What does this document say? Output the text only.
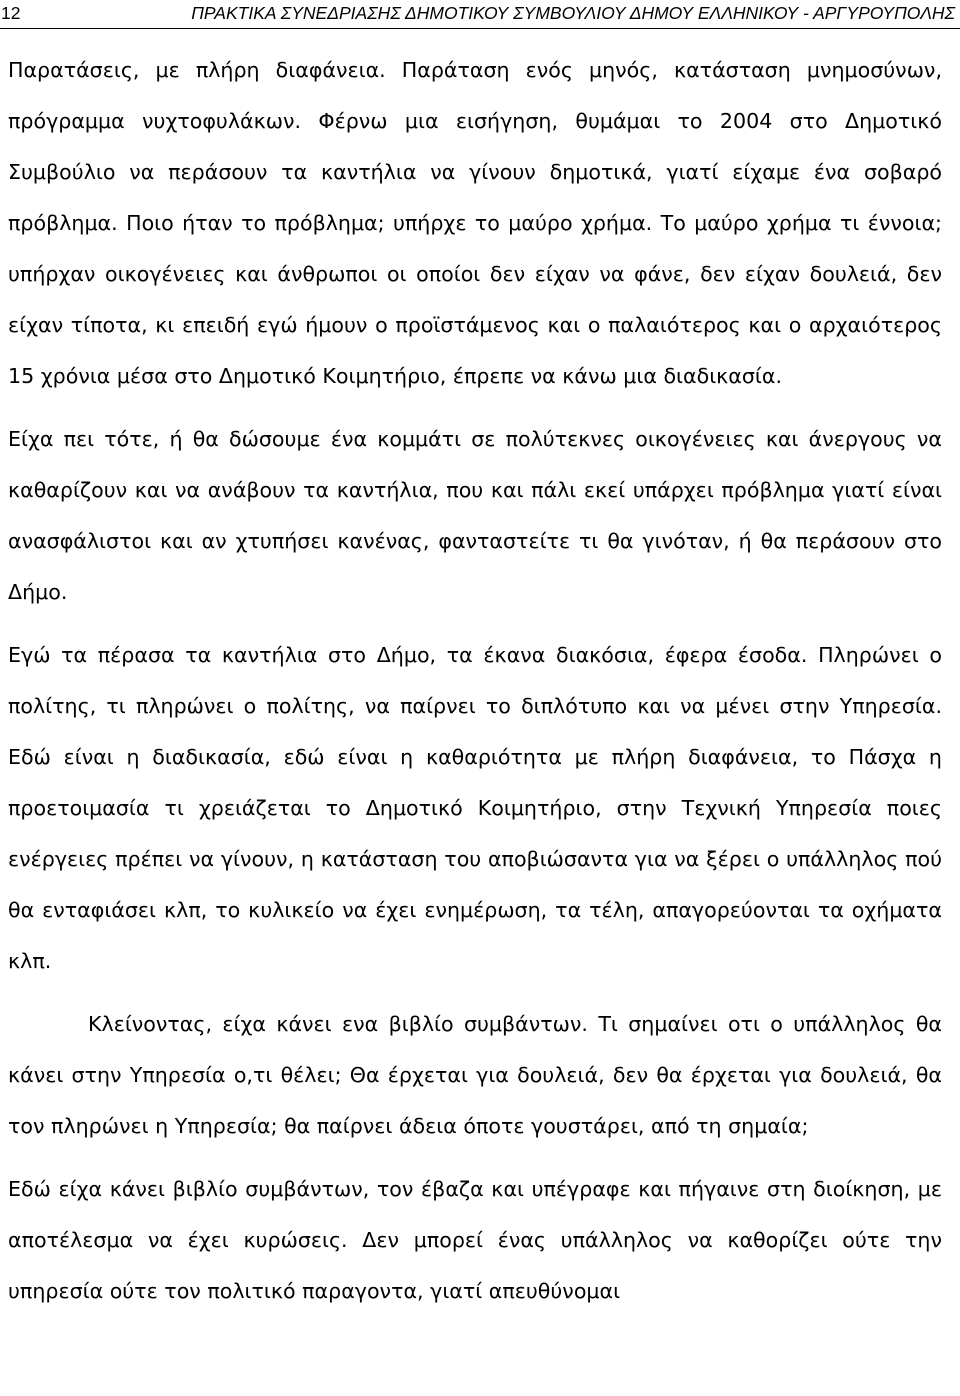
12	ΠΡΑΚΤΙΚΑ ΣΥΝΕΔΡΙΑΣΗΣ ΔΗΜΟΤΙΚΟΥ ΣΥΜΒΟΥΛΙΟΥ ΔΗΜΟΥ ΕΛΛΗΝΙΚΟΥ - ΑΡΓΥΡΟΥΠΟΛΗΣ

Παρατάσεις, με πλήρη διαφάνεια. Παράταση ενός μηνός, κατάσταση μνημοσύνων, πρόγραμμα νυχτοφυλάκων. Φέρνω μια εισήγηση, θυμάμαι το 2004 στο Δημοτικό Συμβούλιο να περάσουν τα καντήλια να γίνουν δημοτικά, γιατί είχαμε ένα σοβαρό πρόβλημα. Ποιο ήταν το πρόβλημα; υπήρχε το μαύρο χρήμα. Το μαύρο χρήμα τι έννοια; υπήρχαν οικογένειες και άνθρωποι οι οποίοι δεν είχαν να φάνε, δεν είχαν δουλειά, δεν είχαν τίποτα, κι επειδή εγώ ήμουν ο προϊστάμενος και ο παλαιότερος και ο αρχαιότερος 15 χρόνια μέσα στο Δημοτικό Κοιμητήριο, έπρεπε να κάνω μια διαδικασία.

Είχα πει τότε, ή θα δώσουμε ένα κομμάτι σε πολύτεκνες οικογένειες και άνεργους να καθαρίζουν και να ανάβουν τα καντήλια, που και πάλι εκεί υπάρχει πρόβλημα γιατί είναι ανασφάλιστοι και αν χτυπήσει κανένας, φανταστείτε τι θα γινόταν, ή θα περάσουν στο Δήμο.

Εγώ τα πέρασα τα καντήλια στο Δήμο, τα έκανα διακόσια, έφερα έσοδα. Πληρώνει ο πολίτης, τι πληρώνει ο πολίτης, να παίρνει το διπλότυπο και να μένει στην Υπηρεσία. Εδώ είναι η διαδικασία, εδώ είναι η καθαριότητα με πλήρη διαφάνεια, το Πάσχα η προετοιμασία τι χρειάζεται το Δημοτικό Κοιμητήριο, στην Τεχνική Υπηρεσία ποιες ενέργειες πρέπει να γίνουν, η κατάσταση του αποβιώσαντα για να ξέρει ο υπάλληλος πού θα ενταφιάσει κλπ, το κυλικείο να έχει ενημέρωση, τα τέλη, απαγορεύονται τα οχήματα κλπ.

Κλείνοντας, είχα κάνει ενα βιβλίο συμβάντων. Τι σημαίνει οτι ο υπάλληλος θα κάνει στην Υπηρεσία ο,τι θέλει; Θα έρχεται για δουλειά, δεν θα έρχεται για δουλειά, θα τον πληρώνει η Υπηρεσία; θα παίρνει άδεια όποτε γουστάρει, από τη σημαία;

Εδώ είχα κάνει βιβλίο συμβάντων, τον έβαζα και υπέγραφε και πήγαινε στη διοίκηση, με αποτέλεσμα να έχει κυρώσεις. Δεν μπορεί ένας υπάλληλος να καθορίζει ούτε την υπηρεσία ούτε τον πολιτικό παραγοντα, γιατί απευθύνομαι
